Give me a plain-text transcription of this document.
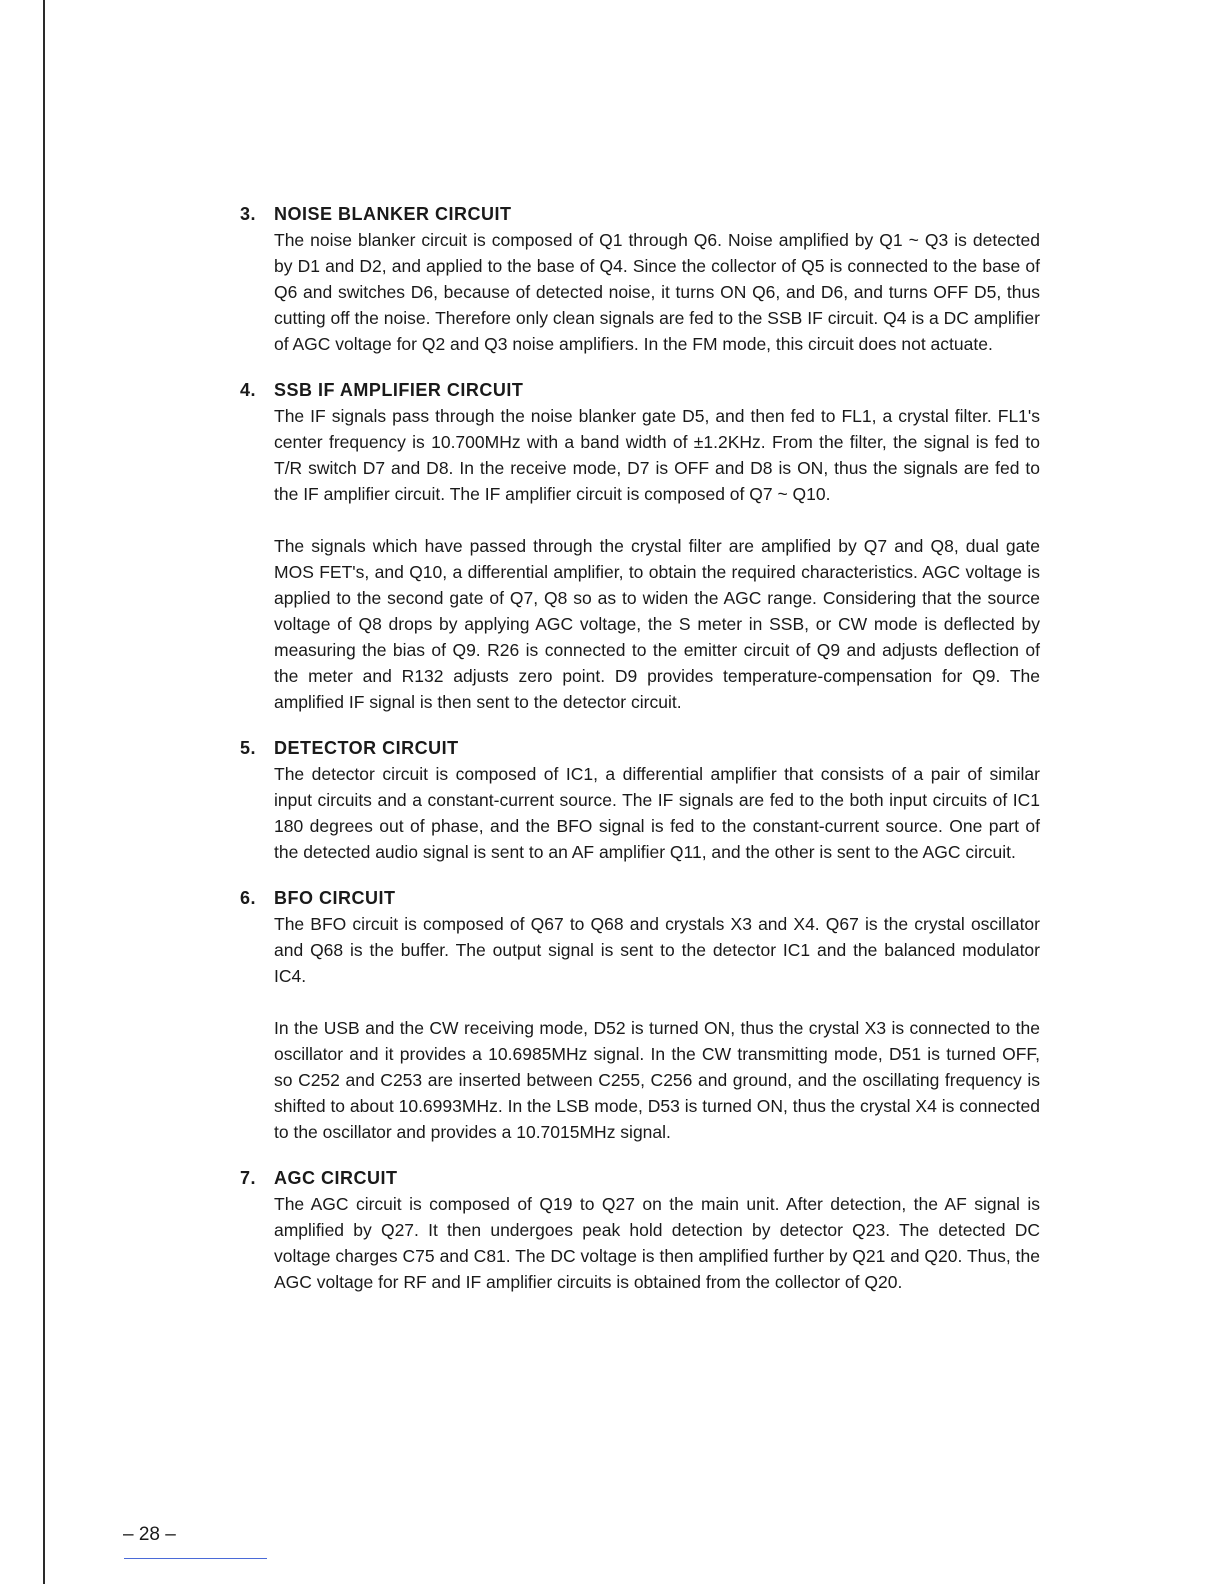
3. NOISE BLANKER CIRCUIT

The noise blanker circuit is composed of Q1 through Q6. Noise amplified by Q1 ~ Q3 is detected by D1 and D2, and applied to the base of Q4. Since the collector of Q5 is connected to the base of Q6 and switches D6, because of detected noise, it turns ON Q6, and D6, and turns OFF D5, thus cutting off the noise. Therefore only clean signals are fed to the SSB IF circuit. Q4 is a DC amplifier of AGC voltage for Q2 and Q3 noise amplifiers. In the FM mode, this circuit does not actuate.

4. SSB IF AMPLIFIER CIRCUIT

The IF signals pass through the noise blanker gate D5, and then fed to FL1, a crystal filter. FL1's center frequency is 10.700MHz with a band width of ±1.2KHz. From the filter, the signal is fed to T/R switch D7 and D8. In the receive mode, D7 is OFF and D8 is ON, thus the signals are fed to the IF amplifier circuit. The IF amplifier circuit is composed of Q7 ~ Q10.

The signals which have passed through the crystal filter are amplified by Q7 and Q8, dual gate MOS FET's, and Q10, a differential amplifier, to obtain the required characteristics. AGC voltage is applied to the second gate of Q7, Q8 so as to widen the AGC range. Considering that the source voltage of Q8 drops by applying AGC voltage, the S meter in SSB, or CW mode is deflected by measuring the bias of Q9. R26 is connected to the emitter circuit of Q9 and adjusts deflection of the meter and R132 adjusts zero point. D9 provides temperature-compensation for Q9. The amplified IF signal is then sent to the detector circuit.

5. DETECTOR CIRCUIT

The detector circuit is composed of IC1, a differential amplifier that consists of a pair of similar input circuits and a constant-current source. The IF signals are fed to the both input circuits of IC1 180 degrees out of phase, and the BFO signal is fed to the constant-current source. One part of the detected audio signal is sent to an AF amplifier Q11, and the other is sent to the AGC circuit.

6. BFO CIRCUIT

The BFO circuit is composed of Q67 to Q68 and crystals X3 and X4. Q67 is the crystal oscillator and Q68 is the buffer. The output signal is sent to the detector IC1 and the balanced modulator IC4.

In the USB and the CW receiving mode, D52 is turned ON, thus the crystal X3 is connected to the oscillator and it provides a 10.6985MHz signal. In the CW transmitting mode, D51 is turned OFF, so C252 and C253 are inserted between C255, C256 and ground, and the oscillating frequency is shifted to about 10.6993MHz. In the LSB mode, D53 is turned ON, thus the crystal X4 is connected to the oscillator and provides a 10.7015MHz signal.

7. AGC CIRCUIT

The AGC circuit is composed of Q19 to Q27 on the main unit. After detection, the AF signal is amplified by Q27. It then undergoes peak hold detection by detector Q23. The detected DC voltage charges C75 and C81. The DC voltage is then amplified further by Q21 and Q20. Thus, the AGC voltage for RF and IF amplifier circuits is obtained from the collector of Q20.

– 28 –
